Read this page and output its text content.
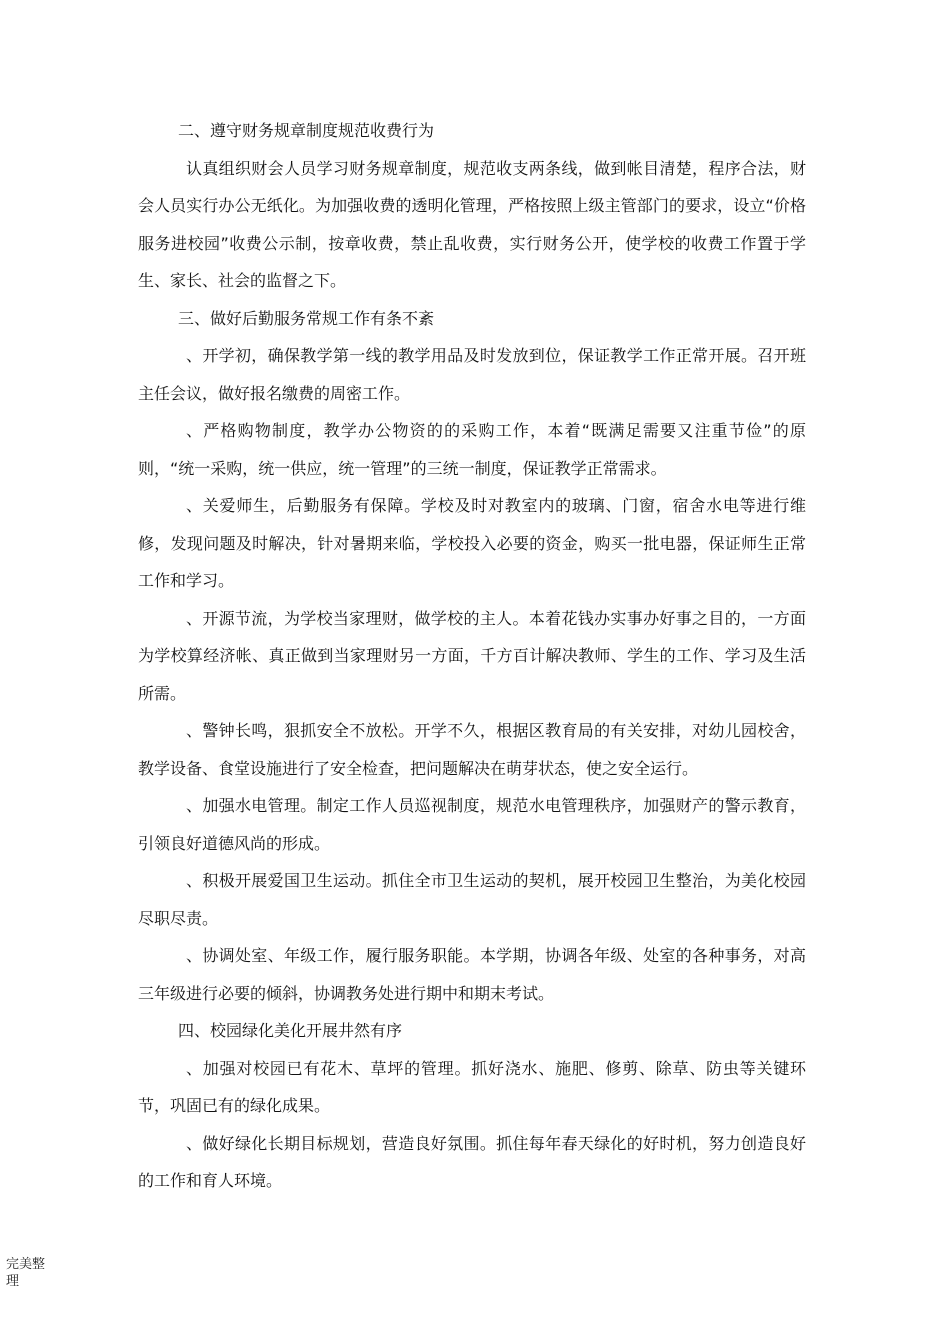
二、遵守财务规章制度规范收费行为

认真组织财会人员学习财务规章制度，规范收支两条线，做到帐目清楚，程序合法，财会人员实行办公无纸化。为加强收费的透明化管理，严格按照上级主管部门的要求，设立“价格服务进校园”收费公示制，按章收费，禁止乱收费，实行财务公开，使学校的收费工作置于学生、家长、社会的监督之下。

三、做好后勤服务常规工作有条不紊

、开学初，确保教学第一线的教学用品及时发放到位，保证教学工作正常开展。召开班主任会议，做好报名缴费的周密工作。

、严格购物制度，教学办公物资的的采购工作，本着“既满足需要又注重节俭”的原则，“统一采购，统一供应，统一管理”的三统一制度，保证教学正常需求。

、关爱师生，后勤服务有保障。学校及时对教室内的玻璃、门窗，宿舍水电等进行维修，发现问题及时解决，针对暑期来临，学校投入必要的资金，购买一批电器，保证师生正常工作和学习。

、开源节流，为学校当家理财，做学校的主人。本着花钱办实事办好事之目的，一方面为学校算经济帐、真正做到当家理财另一方面，千方百计解决教师、学生的工作、学习及生活所需。

、警钟长鸣，狠抓安全不放松。开学不久，根据区教育局的有关安排，对幼儿园校舍，教学设备、食堂设施进行了安全检查，把问题解决在萌芽状态，使之安全运行。

、加强水电管理。制定工作人员巡视制度，规范水电管理秩序，加强财产的警示教育，引领良好道德风尚的形成。

、积极开展爱国卫生运动。抓住全市卫生运动的契机，展开校园卫生整治，为美化校园尽职尽责。

、协调处室、年级工作，履行服务职能。本学期，协调各年级、处室的各种事务，对高三年级进行必要的倾斜，协调教务处进行期中和期末考试。

四、校园绿化美化开展井然有序

、加强对校园已有花木、草坪的管理。抓好浇水、施肥、修剪、除草、防虫等关键环节，巩固已有的绿化成果。

、做好绿化长期目标规划，营造良好氛围。抓住每年春天绿化的好时机，努力创造良好的工作和育人环境。

完美整理
